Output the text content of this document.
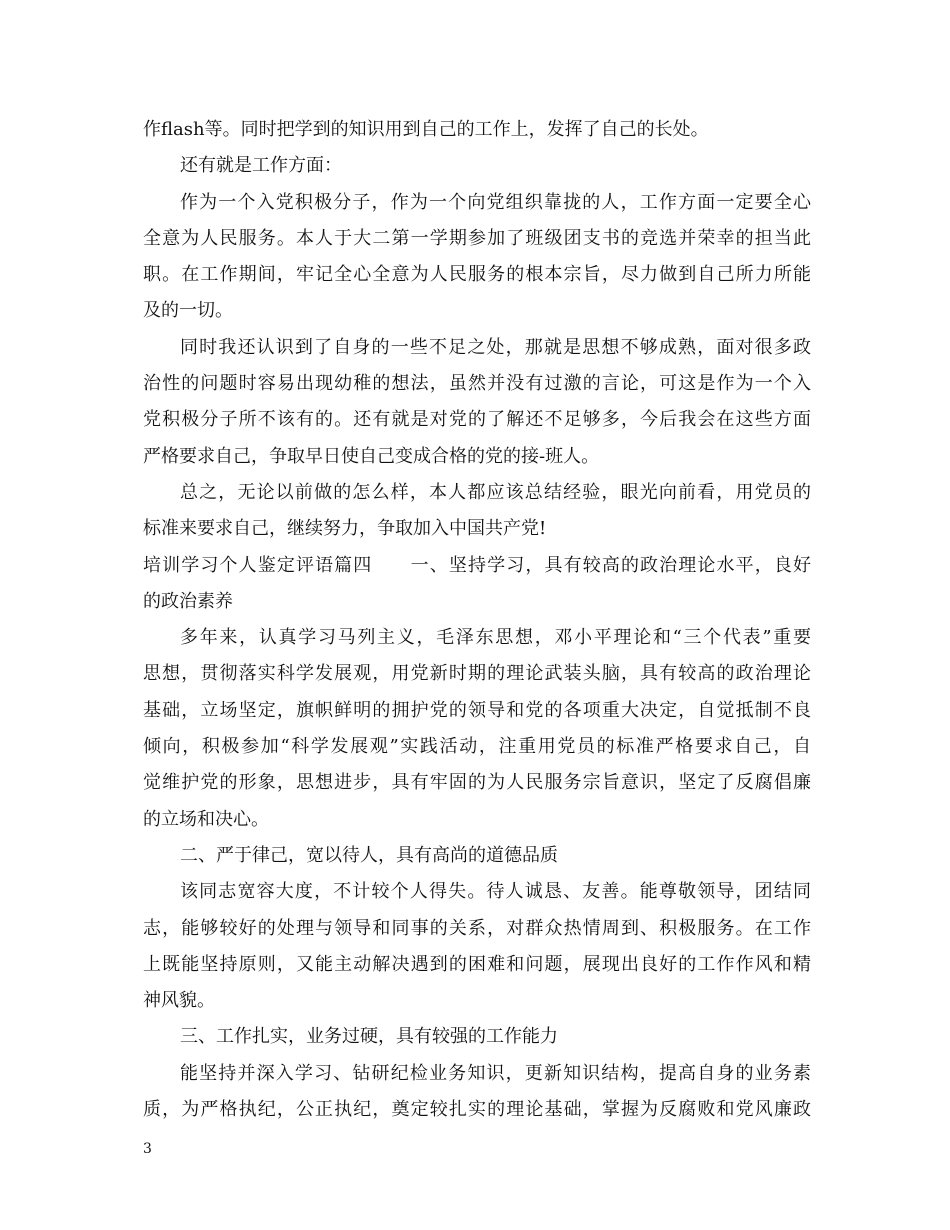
作flash等。同时把学到的知识用到自己的工作上，发挥了自己的长处。
还有就是工作方面：
作为一个入党积极分子，作为一个向党组织靠拢的人，工作方面一定要全心
全意为人民服务。本人于大二第一学期参加了班级团支书的竞选并荣幸的担当此
职。在工作期间，牢记全心全意为人民服务的根本宗旨，尽力做到自己所力所能
及的一切。
同时我还认识到了自身的一些不足之处，那就是思想不够成熟，面对很多政
治性的问题时容易出现幼稚的想法，虽然并没有过激的言论，可这是作为一个入
党积极分子所不该有的。还有就是对党的了解还不足够多，今后我会在这些方面
严格要求自己，争取早日使自己变成合格的党的接-班人。
总之，无论以前做的怎么样，本人都应该总结经验，眼光向前看，用党员的
标准来要求自己，继续努力，争取加入中国共产党!
培训学习个人鉴定评语篇四　　一、坚持学习，具有较高的政治理论水平，良好
的政治素养
多年来，认真学习马列主义，毛泽东思想，邓小平理论和“三个代表”重要
思想，贯彻落实科学发展观，用党新时期的理论武装头脑，具有较高的政治理论
基础，立场坚定，旗帜鲜明的拥护党的领导和党的各项重大决定，自觉抵制不良
倾向，积极参加“科学发展观”实践活动，注重用党员的标准严格要求自己，自
觉维护党的形象，思想进步，具有牢固的为人民服务宗旨意识，坚定了反腐倡廉
的立场和决心。
二、严于律己，宽以待人，具有高尚的道德品质
该同志宽容大度，不计较个人得失。待人诚恳、友善。能尊敬领导，团结同
志，能够较好的处理与领导和同事的关系，对群众热情周到、积极服务。在工作
上既能坚持原则，又能主动解决遇到的困难和问题，展现出良好的工作作风和精
神风貌。
三、工作扎实，业务过硬，具有较强的工作能力
能坚持并深入学习、钻研纪检业务知识，更新知识结构，提高自身的业务素
质，为严格执纪，公正执纪，奠定较扎实的理论基础，掌握为反腐败和党风廉政
3
